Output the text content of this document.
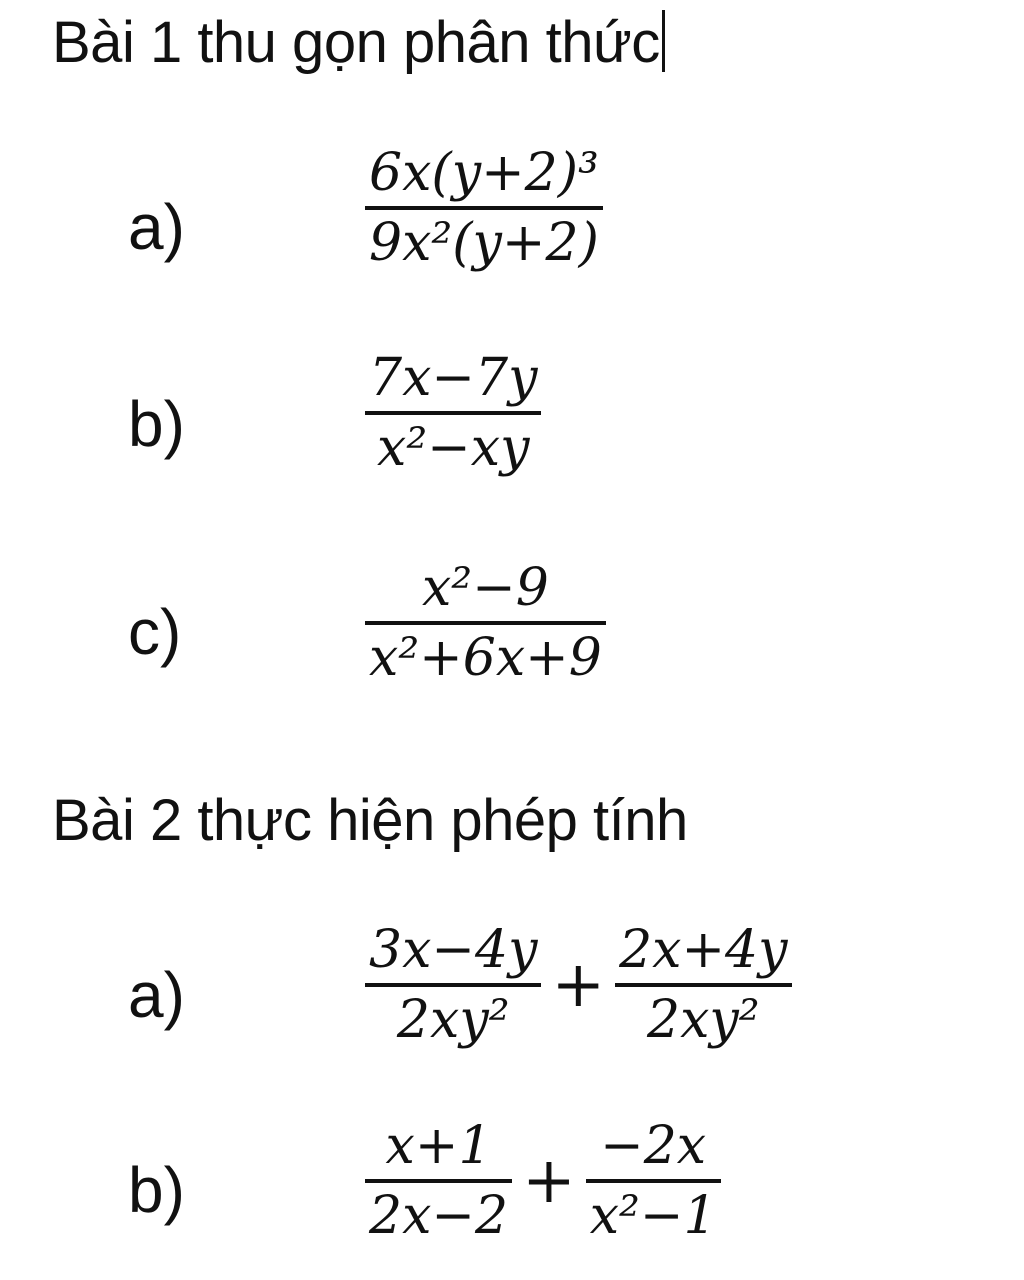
Bài 1 thu gọn phân thức
a)	$\frac{\text{6x(y+2)³}}{\text{9x²(y+2)}}$
b)	$\frac{7x-7y}{\text{x²−xy}}$
c)	$\frac{\text{x²−9}}{\text{x²+6x+9}}$
Bài 2 thực hiện phép tính
a)	$\frac{3x-4y}{\text{2xy²}} + \frac{2x+4y}{\text{2xy²}}$
b)	$\frac{x+1}{2x-2} + \frac{-2x}{\text{x²−1}}$
